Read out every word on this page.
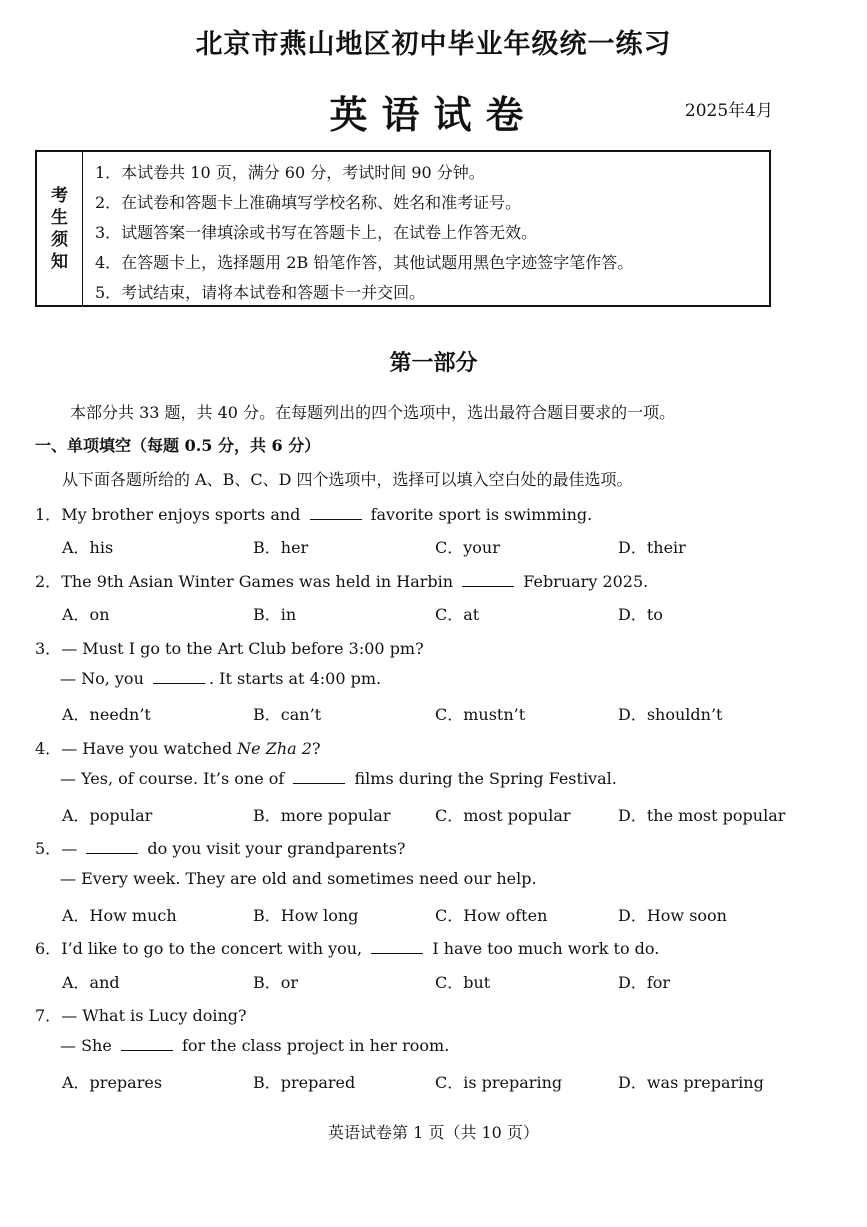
北京市燕山地区初中毕业年级统一练习
英语试卷	2025年4月
考
生
须
知
1．本试卷共 10 页，满分 60 分，考试时间 90 分钟。
2．在试卷和答题卡上准确填写学校名称、姓名和准考证号。
3．试题答案一律填涂或书写在答题卡上，在试卷上作答无效。
4．在答题卡上，选择题用 2B 铅笔作答，其他试题用黑色字迹签字笔作答。
5．考试结束，请将本试卷和答题卡一并交回。
第一部分
本部分共 33 题，共 40 分。在每题列出的四个选项中，选出最符合题目要求的一项。
一、单项填空（每题 0.5 分，共 6 分）
从下面各题所给的 A、B、C、D 四个选项中，选择可以填入空白处的最佳选项。
1．My brother enjoys sports and	favorite sport is swimming.
A．his	B．her	C．your	D．their
2．The 9th Asian Winter Games was held in Harbin	February 2025.
A．on	B．in	C．at	D．to
3．— Must I go to the Art Club before 3:00 pm?
— No, you	. It starts at 4:00 pm.
A．needn’t	B．can’t	C．mustn’t	D．shouldn’t
4．— Have you watched Ne Zha 2?
— Yes, of course. It’s one of	films during the Spring Festival.
A．popular	B．more popular	C．most popular	D．the most popular
5．—	do you visit your grandparents?
— Every week. They are old and sometimes need our help.
A．How much	B．How long	C．How often	D．How soon
6．I’d like to go to the concert with you,	I have too much work to do.
A．and	B．or	C．but	D．for
7．— What is Lucy doing?
— She	for the class project in her room.
A．prepares	B．prepared	C．is preparing	D．was preparing
英语试卷第 1 页（共 10 页）
